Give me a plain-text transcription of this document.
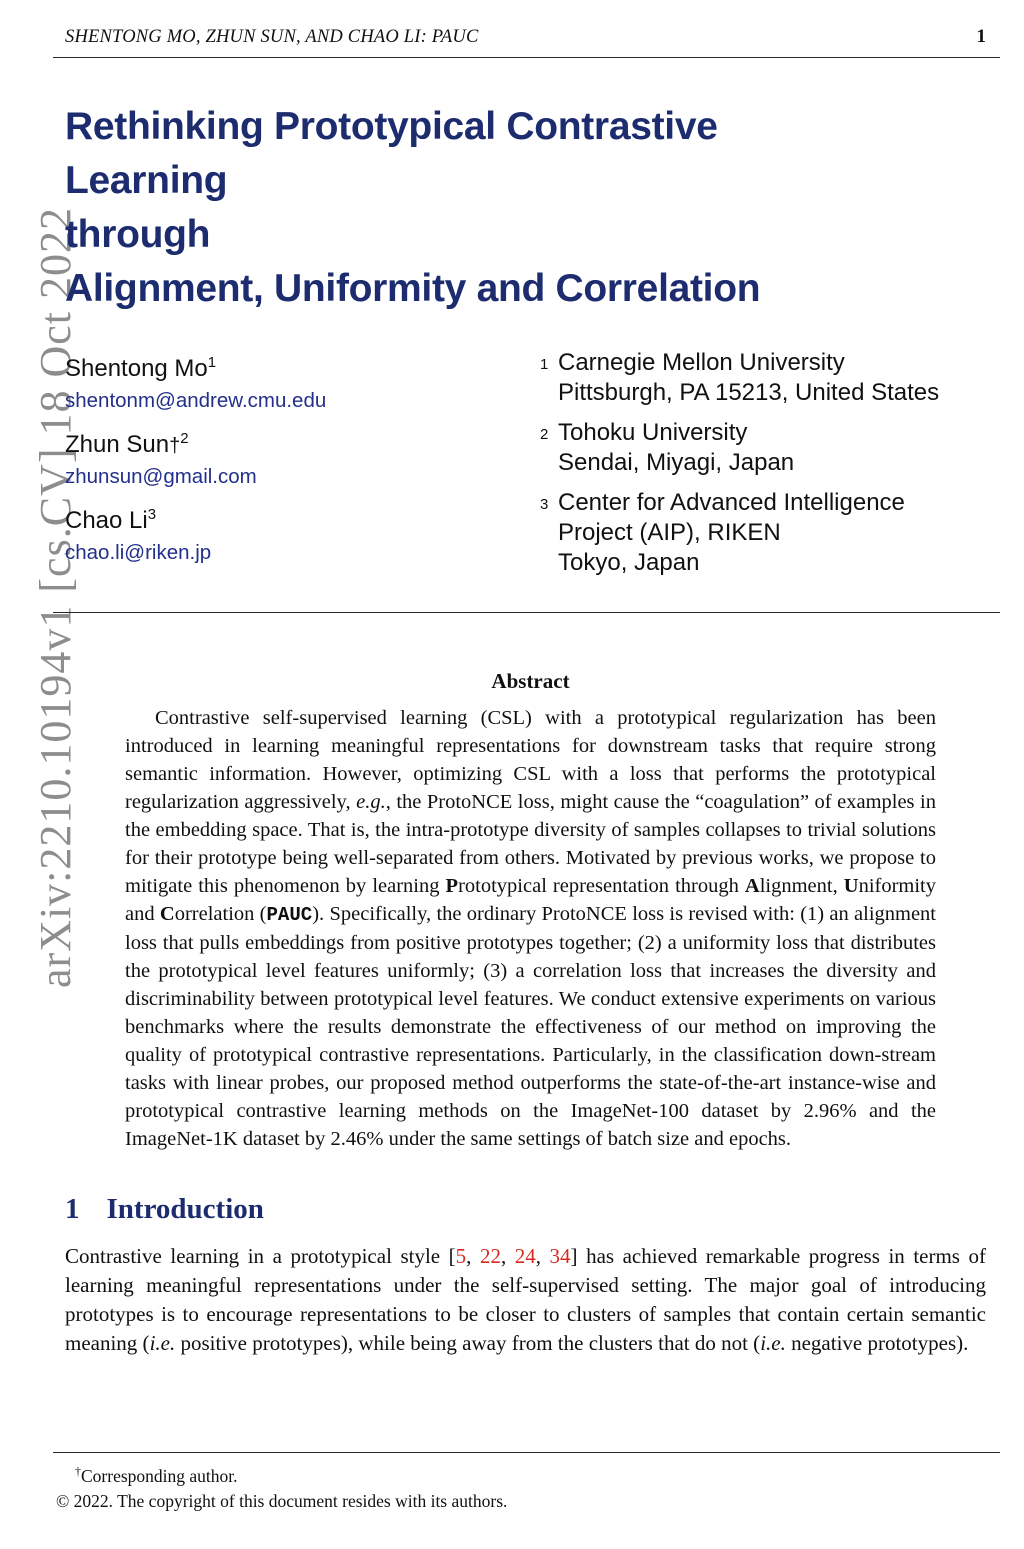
arXiv:2210.10194v1 [cs.CV] 18 Oct 2022
SHENTONG MO, ZHUN SUN, AND CHAO LI: PAUC	1
Rethinking Prototypical Contrastive
Learning
through
Alignment, Uniformity and Correlation
Shentong Mo$^1$
shentonm@andrew.cmu.edu
Zhun Sun†$^2$
zhunsun@gmail.com
Chao Li$^3$
chao.li@riken.jp
1 Carnegie Mellon University
Pittsburgh, PA 15213, United States
2 Tohoku University
Sendai, Miyagi, Japan
3 Center for Advanced Intelligence
Project (AIP), RIKEN
Tokyo, Japan
Abstract

Contrastive self-supervised learning (CSL) with a prototypical regularization has been introduced in learning meaningful representations for downstream tasks that require strong semantic information. However, optimizing CSL with a loss that performs the prototypical regularization aggressively, e.g., the ProtoNCE loss, might cause the “coagulation” of examples in the embedding space. That is, the intra-prototype diversity of samples collapses to trivial solutions for their prototype being well-separated from others. Motivated by previous works, we propose to mitigate this phenomenon by learning Prototypical representation through Alignment, Uniformity and Correlation (PAUC). Specifically, the ordinary ProtoNCE loss is revised with: (1) an alignment loss that pulls embeddings from positive prototypes together; (2) a uniformity loss that distributes the prototypical level features uniformly; (3) a correlation loss that increases the diversity and discriminability between prototypical level features. We conduct extensive experiments on various benchmarks where the results demonstrate the effectiveness of our method on improving the quality of prototypical contrastive representations. Particularly, in the classification down-stream tasks with linear probes, our proposed method outperforms the state-of-the-art instance-wise and prototypical contrastive learning methods on the ImageNet-100 dataset by 2.96% and the ImageNet-1K dataset by 2.46% under the same settings of batch size and epochs.

1 Introduction

Contrastive learning in a prototypical style [5, 22, 24, 34] has achieved remarkable progress in terms of learning meaningful representations under the self-supervised setting. The major goal of introducing prototypes is to encourage representations to be closer to clusters of samples that contain certain semantic meaning (i.e. positive prototypes), while being away from the clusters that do not (i.e. negative prototypes).

†Corresponding author.
© 2022. The copyright of this document resides with its authors.
